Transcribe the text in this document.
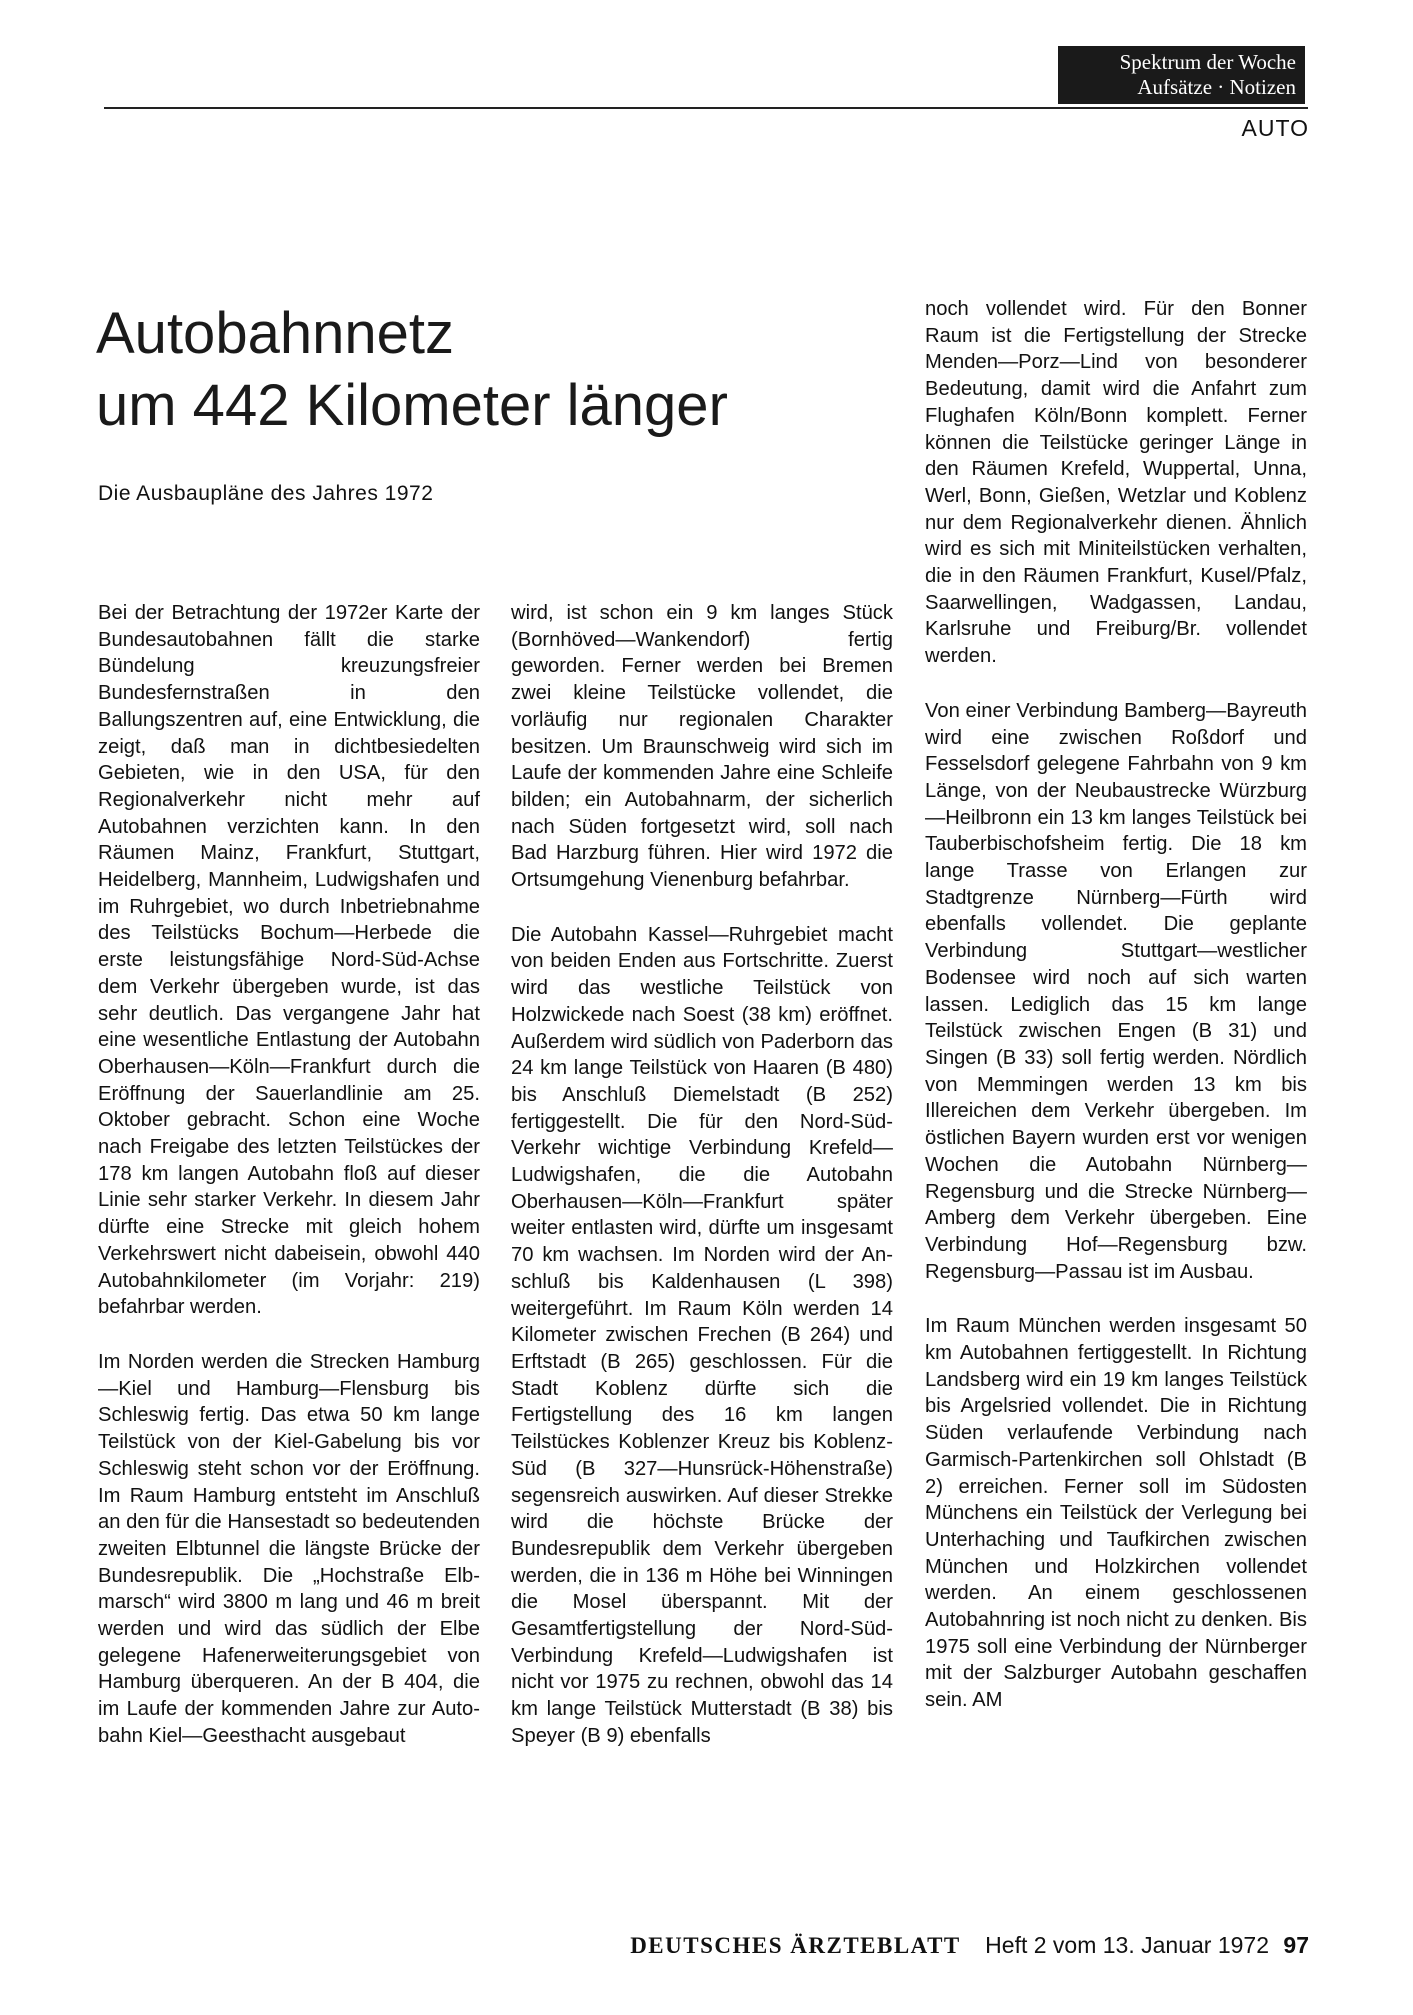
Spektrum der Woche
Aufsätze · Notizen
AUTO
Autobahnnetz
um 442 Kilometer länger
Die Ausbaupläne des Jahres 1972

Bei der Betrachtung der 1972er Karte der Bundesautobahnen fällt die starke Bündelung kreuzungsfreier Bundesfernstraßen in den Ballungszentren auf, eine Entwicklung, die zeigt, daß man in dichtbesiedelten Gebieten, wie in den USA, für den Regionalverkehr nicht mehr auf Autobahnen verzichten kann. In den Räumen Mainz, Frankfurt, Stuttgart, Heidelberg, Mannheim, Ludwigshafen und im Ruhrgebiet, wo durch Inbetriebnahme des Teilstücks Bochum—Herbede die erste leistungsfähige Nord-Süd-Achse dem Verkehr übergeben wurde, ist das sehr deutlich. Das vergangene Jahr hat eine wesentliche Entlastung der Autobahn Oberhausen—Köln—Frankfurt durch die Eröffnung der Sauerlandlinie am 25. Oktober gebracht. Schon eine Woche nach Freigabe des letzten Teilstückes der 178 km langen Autobahn floß auf dieser Linie sehr starker Verkehr. In diesem Jahr dürfte eine Strecke mit gleich hohem Verkehrswert nicht dabeisein, obwohl 440 Autobahnkilometer (im Vorjahr: 219) befahrbar werden.

Im Norden werden die Strecken Hamburg—Kiel und Hamburg—Flensburg bis Schleswig fertig. Das etwa 50 km lange Teilstück von der Kiel-Gabelung bis vor Schleswig steht schon vor der Eröffnung. Im Raum Hamburg entsteht im Anschluß an den für die Hansestadt so bedeutenden zweiten Elbtunnel die längste Brücke der Bundesrepublik. Die „Hochstraße Elbmarsch“ wird 3800 m lang und 46 m breit werden und wird das südlich der Elbe gelegene Hafenerweiterungsgebiet von Hamburg überqueren. An der B 404, die im Laufe der kommenden Jahre zur Autobahn Kiel—Geesthacht ausgebaut

wird, ist schon ein 9 km langes Stück (Bornhöved—Wankendorf) fertig geworden. Ferner werden bei Bremen zwei kleine Teilstücke vollendet, die vorläufig nur regionalen Charakter besitzen. Um Braunschweig wird sich im Laufe der kommenden Jahre eine Schleife bilden; ein Autobahnarm, der sicherlich nach Süden fortgesetzt wird, soll nach Bad Harzburg führen. Hier wird 1972 die Ortsumgehung Vienenburg befahrbar.

Die Autobahn Kassel—Ruhrgebiet macht von beiden Enden aus Fortschritte. Zuerst wird das westliche Teilstück von Holzwickede nach Soest (38 km) eröffnet. Außerdem wird südlich von Paderborn das 24 km lange Teilstück von Haaren (B 480) bis Anschluß Diemelstadt (B 252) fertiggestellt. Die für den Nord-Süd-Verkehr wichtige Verbindung Krefeld—Ludwigshafen, die die Autobahn Oberhausen—Köln—Frankfurt später weiter entlasten wird, dürfte um insgesamt 70 km wachsen. Im Norden wird der Anschluß bis Kaldenhausen (L 398) weitergeführt. Im Raum Köln werden 14 Kilometer zwischen Frechen (B 264) und Erftstadt (B 265) geschlossen. Für die Stadt Koblenz dürfte sich die Fertigstellung des 16 km langen Teilstückes Koblenzer Kreuz bis Koblenz-Süd (B 327—Hunsrück-Höhenstraße) segensreich auswirken. Auf dieser Strekke wird die höchste Brücke der Bundesrepublik dem Verkehr übergeben werden, die in 136 m Höhe bei Winningen die Mosel überspannt. Mit der Gesamtfertigstellung der Nord-Süd-Verbindung Krefeld—Ludwigshafen ist nicht vor 1975 zu rechnen, obwohl das 14 km lange Teilstück Mutterstadt (B 38) bis Speyer (B 9) ebenfalls

noch vollendet wird. Für den Bonner Raum ist die Fertigstellung der Strecke Menden—Porz—Lind von besonderer Bedeutung, damit wird die Anfahrt zum Flughafen Köln/Bonn komplett. Ferner können die Teilstücke geringer Länge in den Räumen Krefeld, Wuppertal, Unna, Werl, Bonn, Gießen, Wetzlar und Koblenz nur dem Regionalverkehr dienen. Ähnlich wird es sich mit Miniteilstücken verhalten, die in den Räumen Frankfurt, Kusel/Pfalz, Saarwellingen, Wadgassen, Landau, Karlsruhe und Freiburg/Br. vollendet werden.

Von einer Verbindung Bamberg—Bayreuth wird eine zwischen Roßdorf und Fesselsdorf gelegene Fahrbahn von 9 km Länge, von der Neubaustrecke Würzburg—Heilbronn ein 13 km langes Teilstück bei Tauberbischofsheim fertig. Die 18 km lange Trasse von Erlangen zur Stadtgrenze Nürnberg—Fürth wird ebenfalls vollendet. Die geplante Verbindung Stuttgart—westlicher Bodensee wird noch auf sich warten lassen. Lediglich das 15 km lange Teilstück zwischen Engen (B 31) und Singen (B 33) soll fertig werden. Nördlich von Memmingen werden 13 km bis Illereichen dem Verkehr übergeben. Im östlichen Bayern wurden erst vor wenigen Wochen die Autobahn Nürnberg—Regensburg und die Strecke Nürnberg—Amberg dem Verkehr übergeben. Eine Verbindung Hof—Regensburg bzw. Regensburg—Passau ist im Ausbau.

Im Raum München werden insgesamt 50 km Autobahnen fertiggestellt. In Richtung Landsberg wird ein 19 km langes Teilstück bis Argelsried vollendet. Die in Richtung Süden verlaufende Verbindung nach Garmisch-Partenkirchen soll Ohlstadt (B 2) erreichen. Ferner soll im Südosten Münchens ein Teilstück der Verlegung bei Unterhaching und Taufkirchen zwischen München und Holzkirchen vollendet werden. An einem geschlossenen Autobahnring ist noch nicht zu denken. Bis 1975 soll eine Verbindung der Nürnberger mit der Salzburger Autobahn geschaffen sein. AM

DEUTSCHES ÄRZTEBLATT Heft 2 vom 13. Januar 1972 97
